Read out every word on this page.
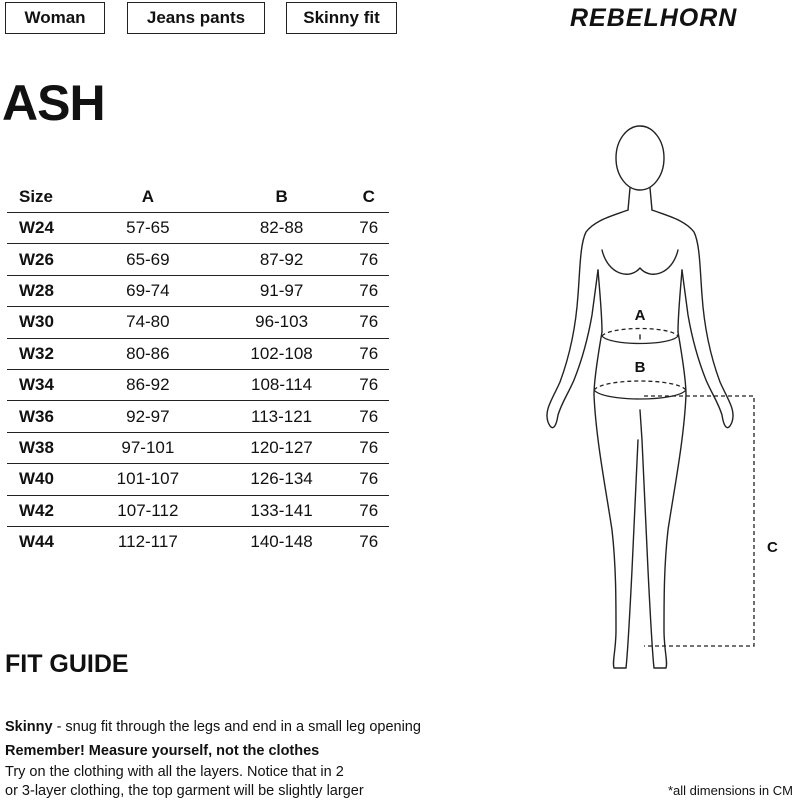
Woman	Jeans pants	Skinny fit	REBELHORN
ASH
Size	A	B	C
W24	57-65	82-88	76
W26	65-69	87-92	76
W28	69-74	91-97	76
W30	74-80	96-103	76
W32	80-86	102-108	76
W34	86-92	108-114	76
W36	92-97	113-121	76
W38	97-101	120-127	76
W40	101-107	126-134	76
W42	107-112	133-141	76
W44	112-117	140-148	76
A
B
C
FIT GUIDE
Skinny - snug fit through the legs and end in a small leg opening
Remember! Measure yourself, not the clothes
Try on the clothing with all the layers. Notice that in 2
or 3-layer clothing, the top garment will be slightly larger	*all dimensions in CM
